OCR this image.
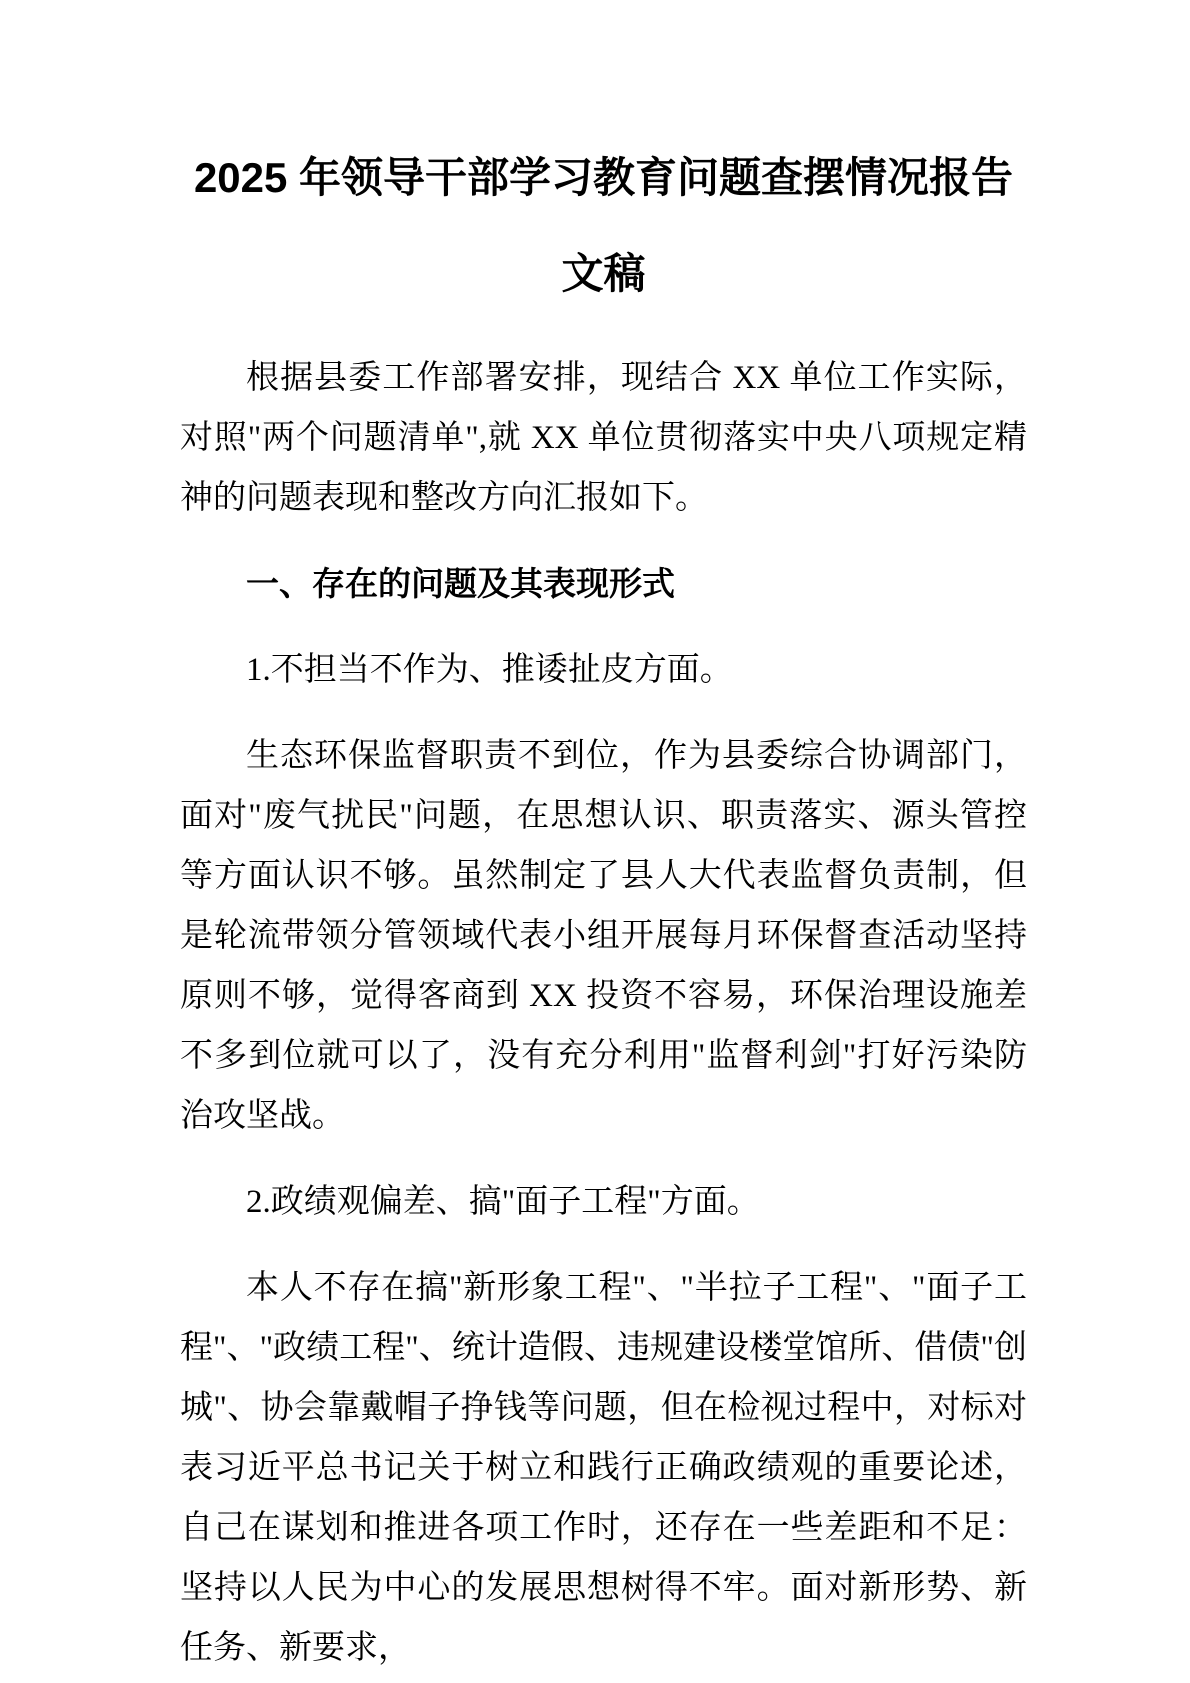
2025 年领导干部学习教育问题查摆情况报告
文稿

根据县委工作部署安排，现结合 XX 单位工作实际，对照"两个问题清单",就 XX 单位贯彻落实中央八项规定精神的问题表现和整改方向汇报如下。

一、存在的问题及其表现形式

1.不担当不作为、推诿扯皮方面。

生态环保监督职责不到位，作为县委综合协调部门，面对"废气扰民"问题，在思想认识、职责落实、源头管控等方面认识不够。虽然制定了县人大代表监督负责制，但是轮流带领分管领域代表小组开展每月环保督查活动坚持原则不够，觉得客商到 XX 投资不容易，环保治理设施差不多到位就可以了，没有充分利用"监督利剑"打好污染防治攻坚战。

2.政绩观偏差、搞"面子工程"方面。

本人不存在搞"新形象工程"、"半拉子工程"、"面子工程"、"政绩工程"、统计造假、违规建设楼堂馆所、借债"创城"、协会靠戴帽子挣钱等问题，但在检视过程中，对标对表习近平总书记关于树立和践行正确政绩观的重要论述，自己在谋划和推进各项工作时，还存在一些差距和不足：坚持以人民为中心的发展思想树得不牢。面对新形势、新任务、新要求，
